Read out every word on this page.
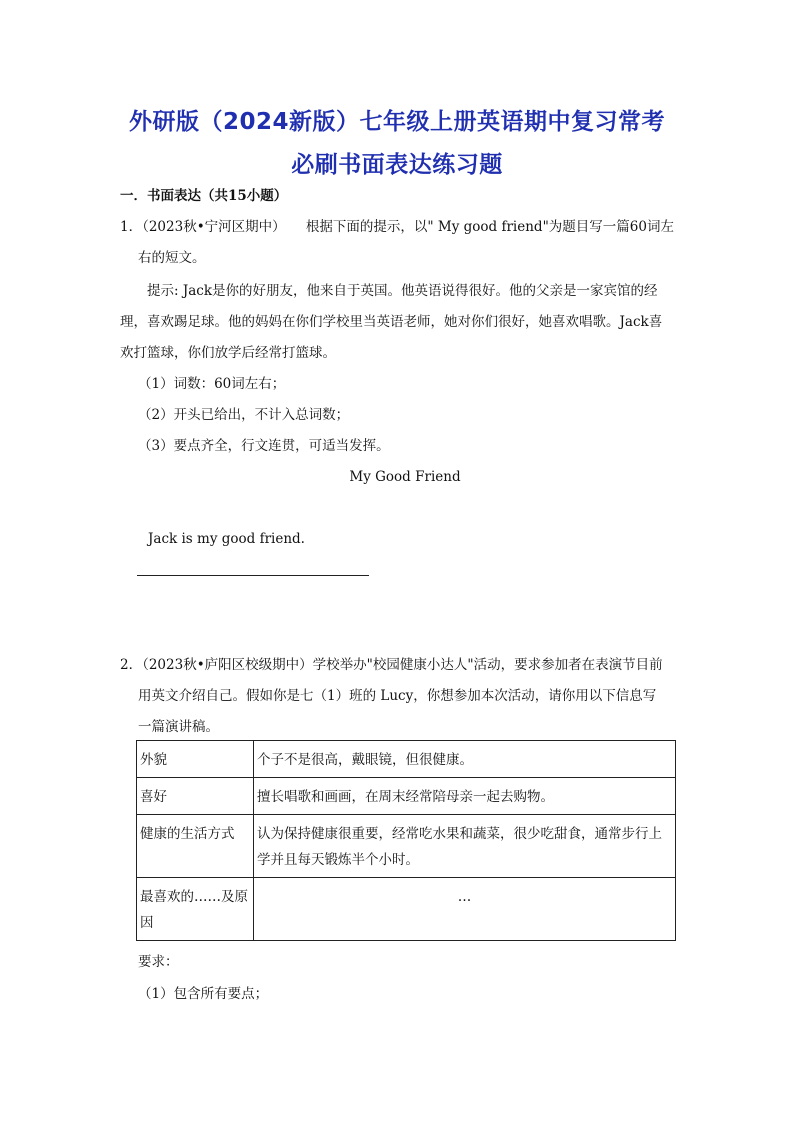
外研版（2024新版）七年级上册英语期中复习常考
必刷书面表达练习题
一．书面表达（共15小题）
1．（2023秋•宁河区期中）　　根据下面的提示，以" My good friend"为题目写一篇60词左
右的短文。
提示: Jack是你的好朋友，他来自于英国。他英语说得很好。他的父亲是一家宾馆的经
理，喜欢踢足球。他的妈妈在你们学校里当英语老师，她对你们很好，她喜欢唱歌。Jack喜
欢打篮球，你们放学后经常打篮球。
（1）词数：60词左右；
（2）开头已给出，不计入总词数；
（3）要点齐全，行文连贯，可适当发挥。
My Good Friend
Jack is my good friend.
2．（2023秋•庐阳区校级期中）学校举办"校园健康小达人"活动，要求参加者在表演节目前
用英文介绍自己。假如你是七（1）班的 Lucy，你想参加本次活动，请你用以下信息写
一篇演讲稿。
外貌	个子不是很高，戴眼镜，但很健康。
喜好	擅长唱歌和画画，在周末经常陪母亲一起去购物。
健康的生活方式	认为保持健康很重要，经常吃水果和蔬菜，很少吃甜食，通常步行上
学并且每天锻炼半个小时。

最喜欢的……及原
因	…
要求：
（1）包含所有要点；
